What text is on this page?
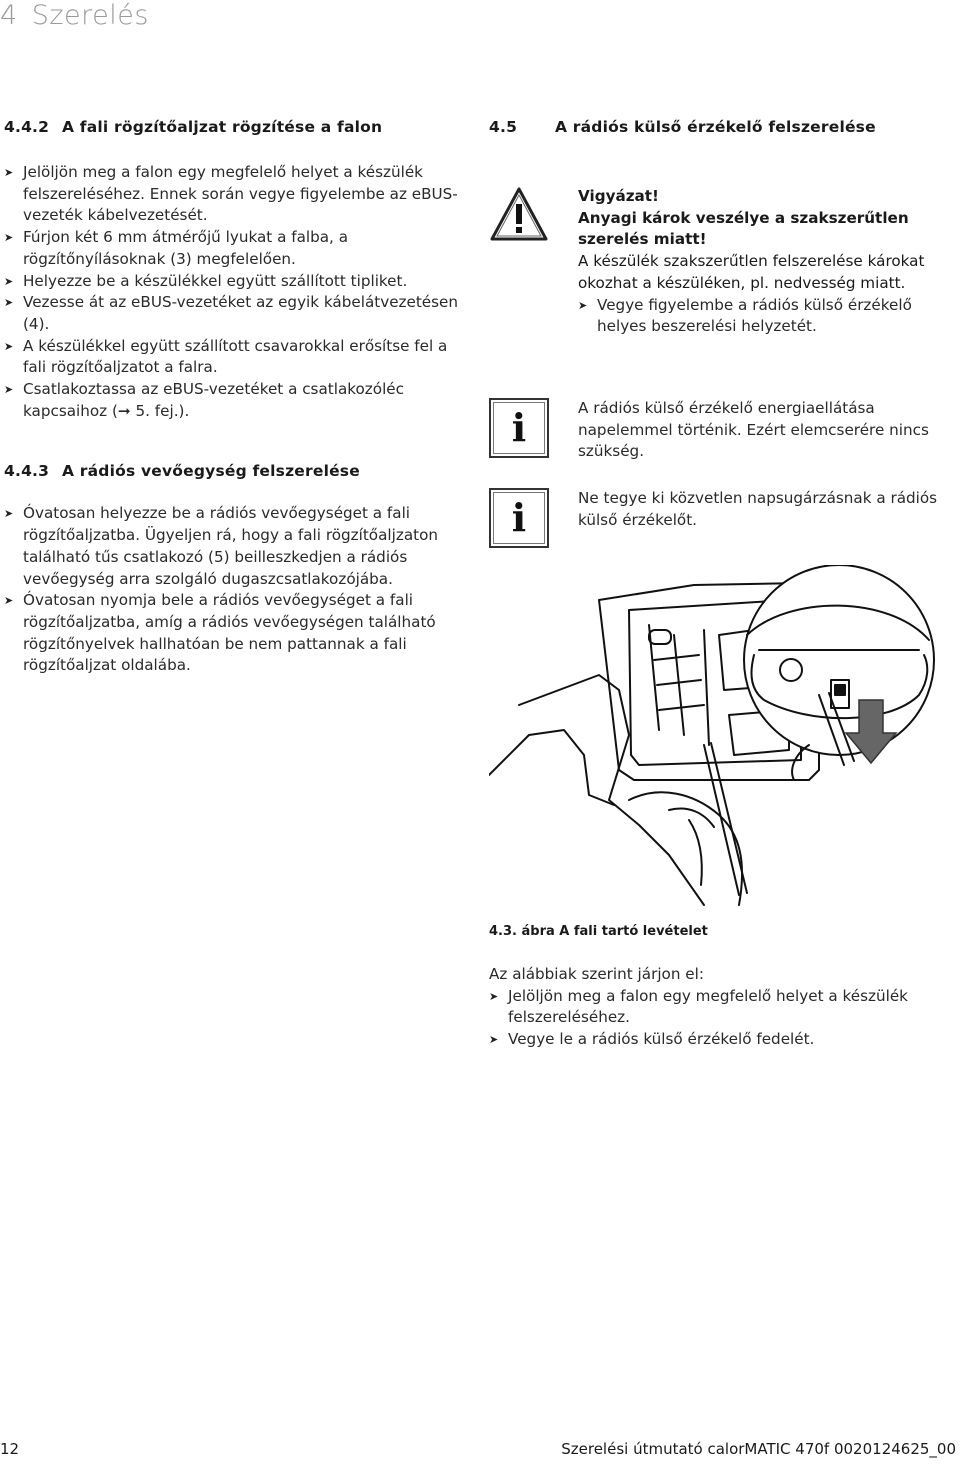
4 Szerelés
4.4.2 A fali rögzítőaljzat rögzítése a falon
➤ Jelöljön meg a falon egy megfelelő helyet a készülék felszereléséhez. Ennek során vegye figyelembe az eBUS-vezeték kábelvezetését.
➤ Fúrjon két 6 mm átmérőjű lyukat a falba, a rögzítőnyílásoknak (3) megfelelően.
➤ Helyezze be a készülékkel együtt szállított tipliket.
➤ Vezesse át az eBUS-vezetéket az egyik kábelátvezetésen (4).
➤ A készülékkel együtt szállított csavarokkal erősítse fel a fali rögzítőaljzatot a falra.
➤ Csatlakoztassa az eBUS-vezetéket a csatlakozóléc kapcsaihoz (➞ 5. fej.).
4.4.3 A rádiós vevőegység felszerelése
➤ Óvatosan helyezze be a rádiós vevőegységet a fali rögzítőaljzatba. Ügyeljen rá, hogy a fali rögzítőaljzaton található tűs csatlakozó (5) beilleszkedjen a rádiós vevőegység arra szolgáló dugaszcsatlakozójába.
➤ Óvatosan nyomja bele a rádiós vevőegységet a fali rögzítőaljzatba, amíg a rádiós vevőegységen található rögzítőnyelvek hallhatóan be nem pattannak a fali rögzítőaljzat oldalába.
4.5 A rádiós külső érzékelő felszerelése
Vigyázat!
Anyagi károk veszélye a szakszerűtlen szerelés miatt!
A készülék szakszerűtlen felszerelése károkat okozhat a készüléken, pl. nedvesség miatt.
➤ Vegye figyelembe a rádiós külső érzékelő helyes beszerelési helyzetét.
i	A rádiós külső érzékelő energiaellátása napelemmel történik. Ezért elemcserére nincs szükség.
i	Ne tegye ki közvetlen napsugárzásnak a rádiós külső érzékelőt.
4.3. ábra A fali tartó levételet

Az alábbiak szerint járjon el:

➤ Jelöljön meg a falon egy megfelelő helyet a készülék felszereléséhez.
➤ Vegye le a rádiós külső érzékelő fedelét.
12	Szerelési útmutató calorMATIC 470f 0020124625_00
